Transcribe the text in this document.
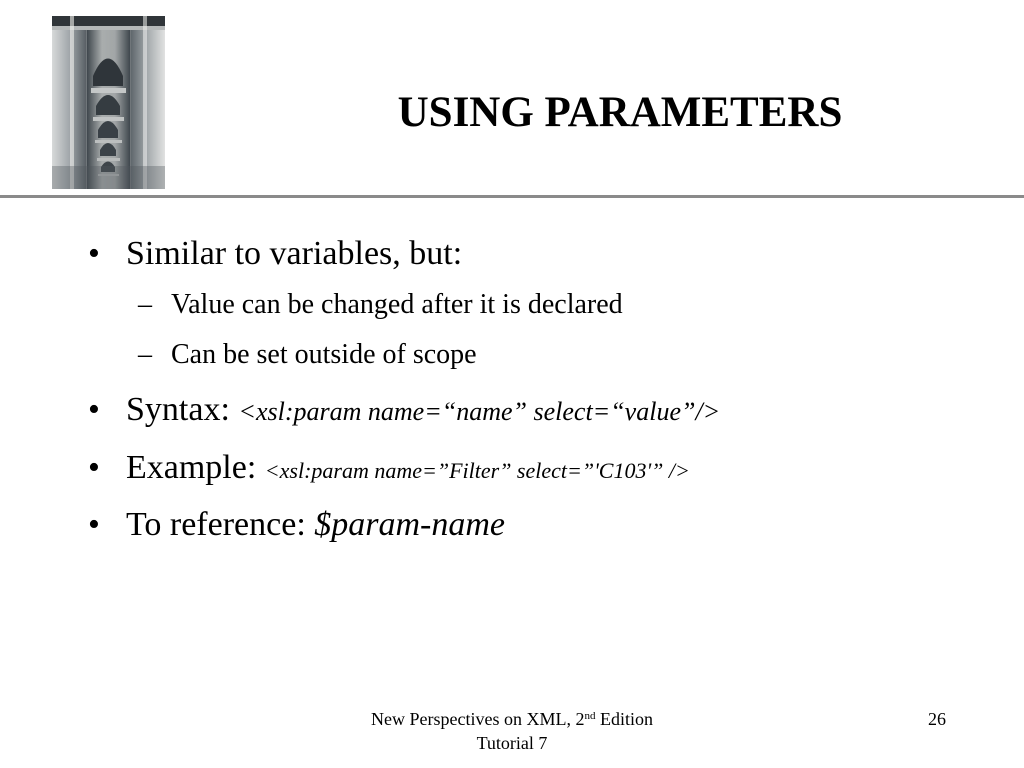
USING PARAMETERS
• Similar to variables, but:
– Value can be changed after it is declared
– Can be set outside of scope
• Syntax: <xsl:param name=“name” select=“value”/>
• Example: <xsl:param name=”Filter” select=”'C103'” />
• To reference: $param-name
New Perspectives on XML, 2nd Edition
Tutorial 7
26
